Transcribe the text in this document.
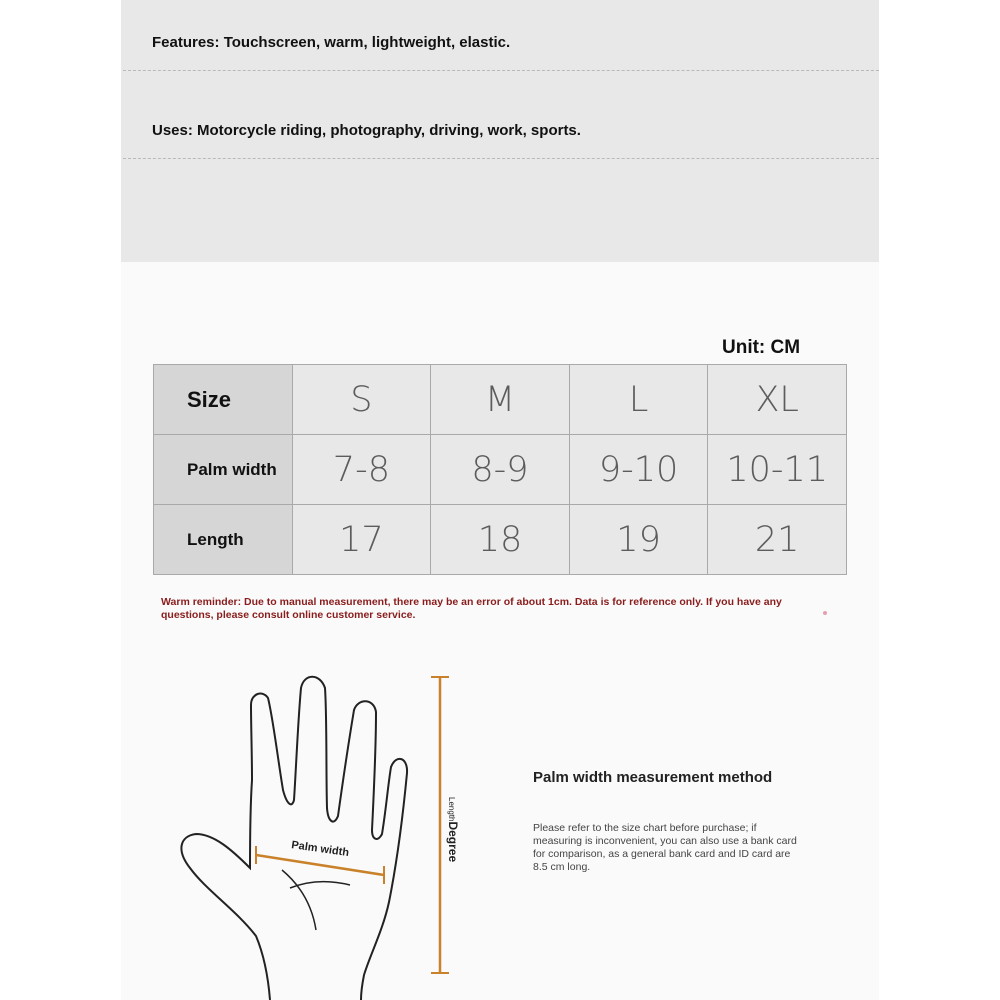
Features: Touchscreen, warm, lightweight, elastic.
Uses: Motorcycle riding, photography, driving, work, sports.
Unit: CM
Size	S	M	L	XL
Palm width	7-8	8-9	9-10	10-11
Length	17	18	19	21
Warm reminder: Due to manual measurement, there may be an error of about 1cm. Data is for reference only. If you have any questions, please consult online customer service.
Palm width
LengthDegree
Palm width measurement method
Please refer to the size chart before purchase; if measuring is inconvenient, you can also use a bank card for comparison, as a general bank card and ID card are 8.5 cm long.
